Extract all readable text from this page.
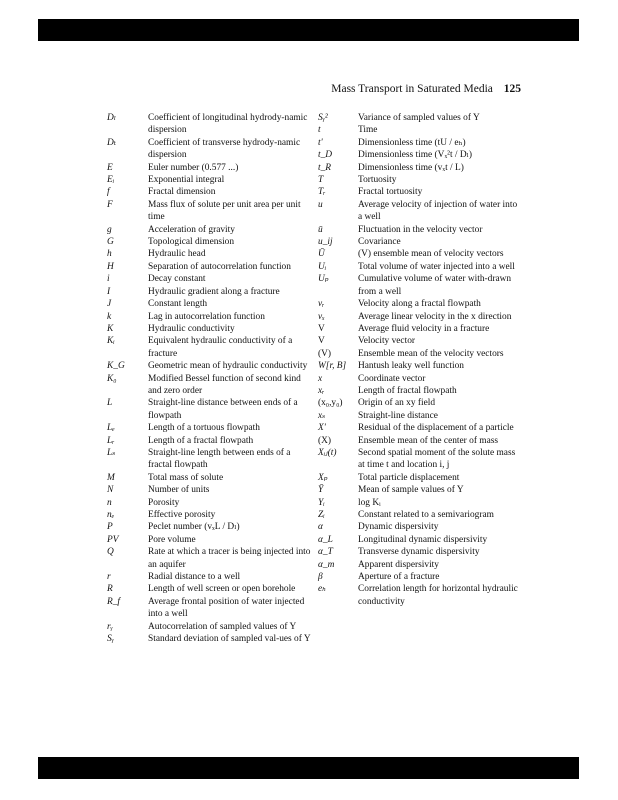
Mass Transport in Saturated Media 125
Dₗ	Coefficient of longitudinal hydrody-namic dispersion
Dₜ	Coefficient of transverse hydrody-namic dispersion
E	Euler number (0.577 ...)
Eᵢ	Exponential integral
f	Fractal dimension
F	Mass flux of solute per unit area per unit time
g	Acceleration of gravity
G	Topological dimension
h	Hydraulic head
H	Separation of autocorrelation function
i	Decay constant
I	Hydraulic gradient along a fracture
J	Constant length
k	Lag in autocorrelation function
K	Hydraulic conductivity
Kᵢ	Equivalent hydraulic conductivity of a fracture
K_G	Geometric mean of hydraulic conductivity
K₀	Modified Bessel function of second kind and zero order
L	Straight-line distance between ends of a flowpath
Lₑ	Length of a tortuous flowpath
Lᵣ	Length of a fractal flowpath
Lₛ	Straight-line length between ends of a fractal flowpath
M	Total mass of solute
N	Number of units
n	Porosity
nₑ	Effective porosity
P	Peclet number (vₓL / Dₗ)
PV	Pore volume
Q	Rate at which a tracer is being injected into an aquifer
r	Radial distance to a well
R	Length of well screen or open borehole
R_f	Average frontal position of water injected into a well
rᵧ	Autocorrelation of sampled values of Y
Sᵧ	Standard deviation of sampled val-ues of Y
Sᵧ²	Variance of sampled values of Y
t	Time
t'	Dimensionless time (tU / eₕ)
t_D	Dimensionless time (Vₓ²t / Dₗ)
t_R	Dimensionless time (vₓt / L)
T	Tortuosity
Tᵣ	Fractal tortuosity
u	Average velocity of injection of water into a well
ū	Fluctuation in the velocity vector
u_ij	Covariance
Ū	(V) ensemble mean of velocity vectors
Uᵢ	Total volume of water injected into a well
Uₚ	Cumulative volume of water with-drawn from a well
vᵣ	Velocity along a fractal flowpath
vₓ	Average linear velocity in the x direction
V	Average fluid velocity in a fracture
V	Velocity vector
(V)	Ensemble mean of the velocity vectors
W[r, B]	Hantush leaky well function
x	Coordinate vector
xᵣ	Length of fractal flowpath
(x₀,y₀)	Origin of an xy field
xₛ	Straight-line distance
X'	Residual of the displacement of a particle
(X)	Ensemble mean of the center of mass
Xᵢⱼ(t)	Second spatial moment of the solute mass at time t and location i, j
Xₚ	Total particle displacement
Ȳ	Mean of sample values of Y
Yᵢ	log Kᵢ
Zᵢ	Constant related to a semivariogram
α	Dynamic dispersivity
α_L	Longitudinal dynamic dispersivity
α_T	Transverse dynamic dispersivity
α_m	Apparent dispersivity
β	Aperture of a fracture
eₕ	Correlation length for horizontal hydraulic conductivity
